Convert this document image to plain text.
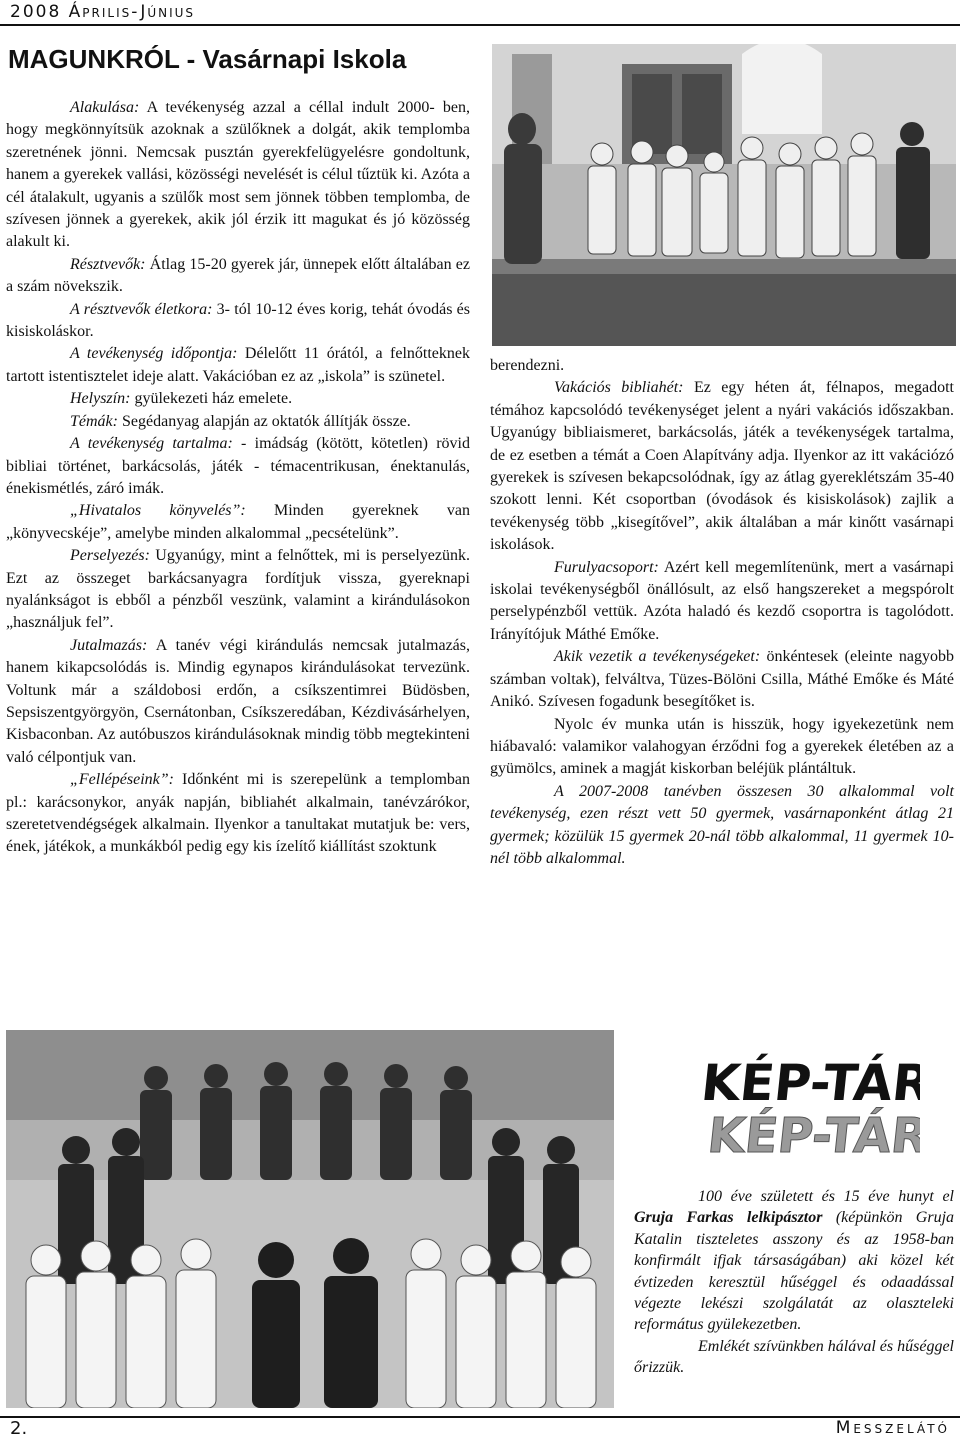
2008 Április-Június
MAGUNKRÓL - Vasárnapi Iskola

Alakulása: A tevékenység azzal a céllal indult 2000- ben, hogy megkönnyítsük azoknak a szülőknek a dolgát, akik templomba szeretnének jönni. Nemcsak pusztán gyerekfelügyelésre gondoltunk, hanem a gyerekek vallási, közösségi nevelését is célul tűztük ki. Azóta a cél átalakult, ugyanis a szülők most sem jönnek többen templomba, de szívesen jönnek a gyerekek, akik jól érzik itt magukat és jó közösség alakult ki.

Résztvevők: Átlag 15-20 gyerek jár, ünnepek előtt általában ez a szám növekszik.

A résztvevők életkora: 3- tól 10-12 éves korig, tehát óvodás és kisiskoláskor.

A tevékenység időpontja: Délelőtt 11 órától, a felnőtteknek tartott istentisztelet ideje alatt. Vakációban ez az „iskola” is szünetel.

Helyszín: gyülekezeti ház emelete.

Témák: Segédanyag alapján az oktatók állítják össze.

A tevékenység tartalma: - imádság (kötött, kötetlen) rövid bibliai történet, barkácsolás, játék - témacentrikusan, énektanulás, énekismétlés, záró imák.

„Hivatalos könyvelés”: Minden gyereknek van „könyvecskéje”, amelybe minden alkalommal „pecsételünk”.

Perselyezés: Ugyanúgy, mint a felnőttek, mi is perselyezünk. Ezt az összeget barkácsanyagra fordítjuk vissza, gyereknapi nyalánkságot is ebből a pénzből veszünk, valamint a kirándulásokon „használjuk fel”.

Jutalmazás: A tanév végi kirándulás nemcsak jutalmazás, hanem kikapcsolódás is. Mindig egynapos kirándulásokat tervezünk. Voltunk már a száldobosi erdőn, a csíkszentimrei Büdösben, Sepsiszentgyörgyön, Csernátonban, Csíkszeredában, Kézdivásárhelyen, Kisbaconban. Az autóbuszos kirándulásoknak mindig több megtekinteni való célpontjuk van.

„Fellépéseink”: Időnként mi is szerepelünk a templomban pl.: karácsonykor, anyák napján, bibliahét alkalmain, tanévzárókor, szeretetvendégségek alkalmain. Ilyenkor a tanultakat mutatjuk be: vers, ének, játékok, a munkákból pedig egy kis ízelítő kiállítást szoktunk

berendezni.

Vakációs bibliahét: Ez egy héten át, félnapos, megadott témához kapcsolódó tevékenységet jelent a nyári vakációs időszakban. Ugyanúgy bibliaismeret, barkácsolás, játék a tevékenységek tartalma, de ez esetben a témát a Coen Alapítvány adja. Ilyenkor az itt vakációzó gyerekek is szívesen bekapcsolódnak, így az átlag gyereklétszám 35-40 szokott lenni. Két csoportban (óvodások és kisiskolások) zajlik a tevékenység több „kisegítővel”, akik általában a már kinőtt vasárnapi iskolások.

Furulyacsoport: Azért kell megemlítenünk, mert a vasárnapi iskolai tevékenységből önállósult, az első hangszereket a megspórolt perselypénzből vettük. Azóta haladó és kezdő csoportra is tagolódott. Irányítójuk Máthé Emőke.

Akik vezetik a tevékenységeket: önkéntesek (eleinte nagyobb számban voltak), felváltva, Tüzes-Bölöni Csilla, Máthé Emőke és Máté Anikó. Szívesen fogadunk besegítőket is.

Nyolc év munka után is hisszük, hogy igyekezetünk nem hiábavaló: valamikor valahogyan érződni fog a gyerekek életében az a gyümölcs, aminek a magját kiskorban beléjük plántáltuk.

A 2007-2008 tanévben összesen 30 alkalommal volt tevékenység, ezen részt vett 50 gyermek, vasárnaponként átlag 21 gyermek; közülük 15 gyermek 20-nál több alkalommal, 11 gyermek 10-nél több alkalommal.

KÉP-TÁR
KÉP-TÁR

100 éve született és 15 éve hunyt el Gruja Farkas lelkipásztor (képünkön Gruja Katalin tiszteletes asszony és az 1958-ban konfirmált ifjak társaságában) aki közel két évtizeden keresztül hűséggel és odaadással végezte lekészi szolgálatát az olaszteleki református gyülekezetben.

Emlékét szívünkben hálával és hűséggel őrizzük.

2.	Messzelátó
